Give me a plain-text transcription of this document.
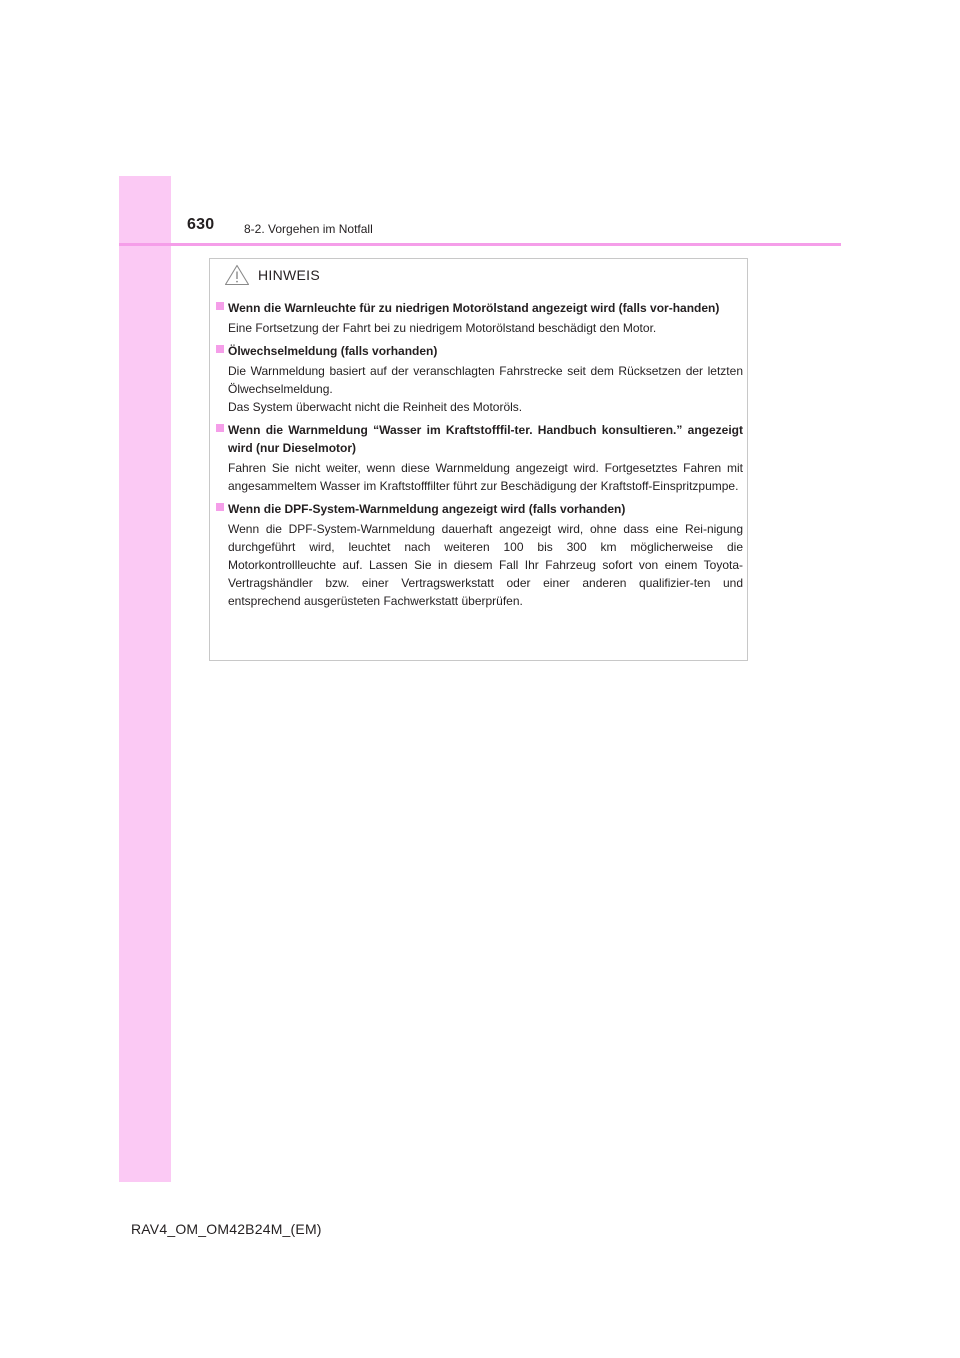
630 8-2. Vorgehen im Notfall
HINWEIS
Wenn die Warnleuchte für zu niedrigen Motorölstand angezeigt wird (falls vor-handen)
Eine Fortsetzung der Fahrt bei zu niedrigem Motorölstand beschädigt den Motor.
Ölwechselmeldung (falls vorhanden)
Die Warnmeldung basiert auf der veranschlagten Fahrstrecke seit dem Rücksetzen der letzten Ölwechselmeldung.
Das System überwacht nicht die Reinheit des Motoröls.
Wenn die Warnmeldung “Wasser im Kraftstofffil-ter. Handbuch konsultieren.” angezeigt wird (nur Dieselmotor)
Fahren Sie nicht weiter, wenn diese Warnmeldung angezeigt wird. Fortgesetztes Fahren mit angesammeltem Wasser im Kraftstofffilter führt zur Beschädigung der Kraftstoff-Einspritzpumpe.
Wenn die DPF-System-Warnmeldung angezeigt wird (falls vorhanden)
Wenn die DPF-System-Warnmeldung dauerhaft angezeigt wird, ohne dass eine Rei-nigung durchgeführt wird, leuchtet nach weiteren 100 bis 300 km möglicherweise die Motorkontrollleuchte auf. Lassen Sie in diesem Fall Ihr Fahrzeug sofort von einem Toyota-Vertragshändler bzw. einer Vertragswerkstatt oder einer anderen qualifizier-ten und entsprechend ausgerüsteten Fachwerkstatt überprüfen.
RAV4_OM_OM42B24M_(EM)
